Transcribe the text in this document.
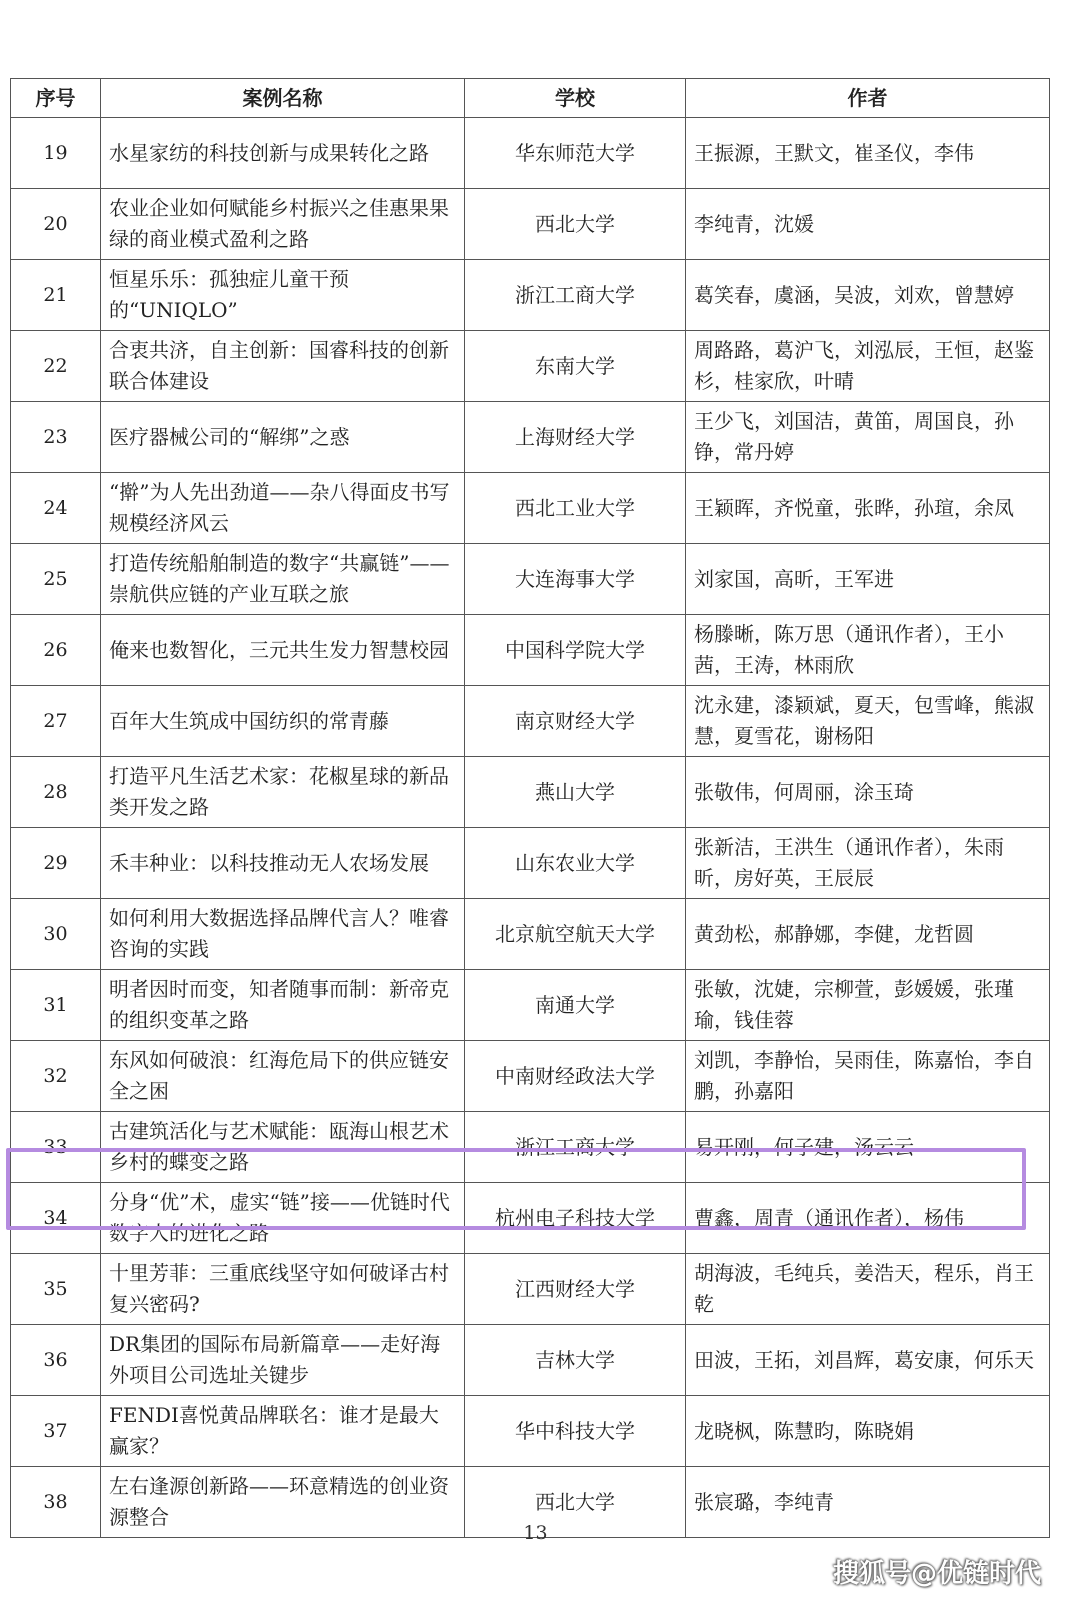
序号	案例名称	学校	作者
19	水星家纺的科技创新与成果转化之路	华东师范大学	王振源，王默文，崔圣仪，李伟
20	农业企业如何赋能乡村振兴之佳惠果果绿的商业模式盈利之路	西北大学	李纯青，沈媛
21	恒星乐乐：孤独症儿童干预的“UNIQLO”	浙江工商大学	葛笑春，虞涵，吴波，刘欢，曾慧婷
22	合衷共济，自主创新：国睿科技的创新联合体建设	东南大学	周路路，葛沪飞，刘泓辰，王恒，赵鉴杉，桂家欣，叶晴
23	医疗器械公司的“解绑”之惑	上海财经大学	王少飞，刘国洁，黄笛，周国良，孙铮，常丹婷
24	“擀”为人先出劲道——杂八得面皮书写规模经济风云	西北工业大学	王颖晖，齐悦童，张晔，孙瑄，余凤
25	打造传统船舶制造的数字“共赢链”——崇航供应链的产业互联之旅	大连海事大学	刘家国，高昕，王军进
26	俺来也数智化，三元共生发力智慧校园	中国科学院大学	杨滕晰，陈万思（通讯作者），王小茜，王涛，林雨欣
27	百年大生筑成中国纺织的常青藤	南京财经大学	沈永建，漆颖斌，夏天，包雪峰，熊淑慧，夏雪花，谢杨阳
28	打造平凡生活艺术家：花椒星球的新品类开发之路	燕山大学	张敬伟，何周丽，涂玉琦
29	禾丰种业：以科技推动无人农场发展	山东农业大学	张新洁，王洪生（通讯作者），朱雨昕，房好英，王辰辰
30	如何利用大数据选择品牌代言人？唯睿咨询的实践	北京航空航天大学	黄劲松，郝静娜，李健，龙哲圆
31	明者因时而变，知者随事而制：新帝克的组织变革之路	南通大学	张敏，沈婕，宗柳萱，彭媛媛，张瑾瑜，钱佳蓉
32	东风如何破浪：红海危局下的供应链安全之困	中南财经政法大学	刘凯，李静怡，吴雨佳，陈嘉怡，李自鹏，孙嘉阳
33	古建筑活化与艺术赋能：瓯海山根艺术乡村的蝶变之路	浙江工商大学	易开刚，何子建，汤云云
34	分身“优”术，虚实“链”接——优链时代数字人的进化之路	杭州电子科技大学	曹鑫，周青（通讯作者），杨伟
35	十里芳菲：三重底线坚守如何破译古村复兴密码?	江西财经大学	胡海波，毛纯兵，姜浩天，程乐，肖王乾
36	DR集团的国际布局新篇章——走好海外项目公司选址关键步	吉林大学	田波，王拓，刘昌辉，葛安康，何乐天
37	FENDI喜悦黄品牌联名：谁才是最大赢家？	华中科技大学	龙晓枫，陈慧昀，陈晓娟
38	左右逢源创新路——环意精选的创业资源整合	西北大学	张宸璐，李纯青
13
搜狐号@优链时代
